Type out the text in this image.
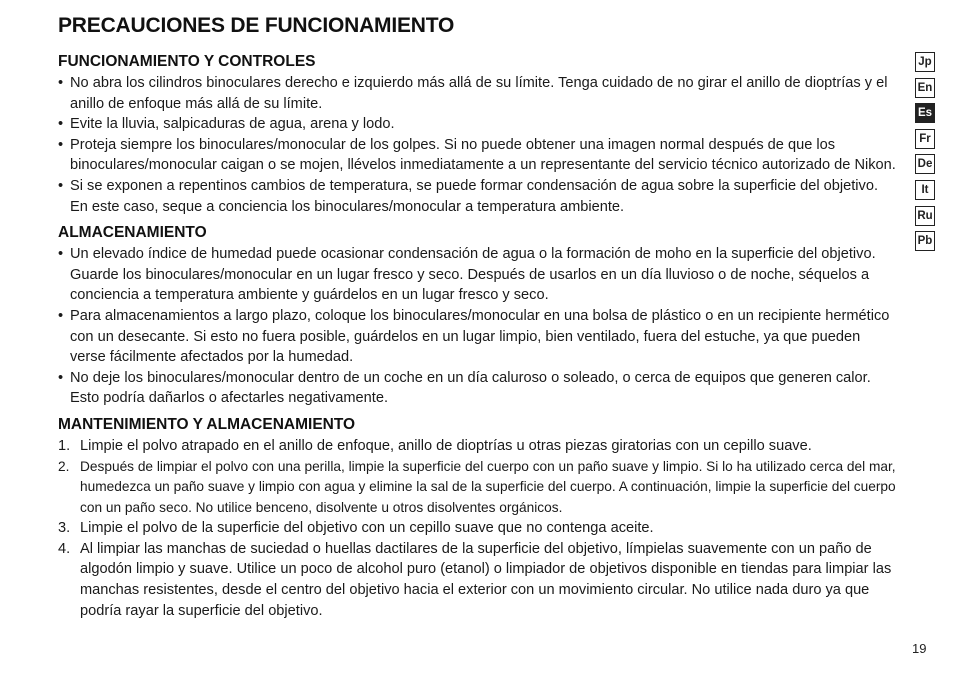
PRECAUCIONES DE FUNCIONAMIENTO
FUNCIONAMIENTO Y CONTROLES
• No abra los cilindros binoculares derecho e izquierdo más allá de su límite. Tenga cuidado de no girar el anillo de dioptrías y el anillo de enfoque más allá de su límite.
• Evite la lluvia, salpicaduras de agua, arena y lodo.
• Proteja siempre los binoculares/monocular de los golpes. Si no puede obtener una imagen normal después de que los binoculares/monocular caigan o se mojen, llévelos inmediatamente a un representante del servicio técnico autorizado de Nikon.
• Si se exponen a repentinos cambios de temperatura, se puede formar condensación de agua sobre la superficie del objetivo. En este caso, seque a conciencia los binoculares/monocular a temperatura ambiente.
ALMACENAMIENTO
• Un elevado índice de humedad puede ocasionar condensación de agua o la formación de moho en la superficie del objetivo. Guarde los binoculares/monocular en un lugar fresco y seco. Después de usarlos en un día lluvioso o de noche, séquelos a conciencia a temperatura ambiente y guárdelos en un lugar fresco y seco.
• Para almacenamientos a largo plazo, coloque los binoculares/monocular en una bolsa de plástico o en un recipiente hermético con un desecante. Si esto no fuera posible, guárdelos en un lugar limpio, bien ventilado, fuera del estuche, ya que pueden verse fácilmente afectados por la humedad.
• No deje los binoculares/monocular dentro de un coche en un día caluroso o soleado, o cerca de equipos que generen calor. Esto podría dañarlos o afectarles negativamente.
MANTENIMIENTO Y ALMACENAMIENTO
1. Limpie el polvo atrapado en el anillo de enfoque, anillo de dioptrías u otras piezas giratorias con un cepillo suave.
2. Después de limpiar el polvo con una perilla, limpie la superficie del cuerpo con un paño suave y limpio. Si lo ha utilizado cerca del mar, humedezca un paño suave y limpio con agua y elimine la sal de la superficie del cuerpo. A continuación, limpie la superficie del cuerpo con un paño seco. No utilice benceno, disolvente u otros disolventes orgánicos.
3. Limpie el polvo de la superficie del objetivo con un cepillo suave que no contenga aceite.
4. Al limpiar las manchas de suciedad o huellas dactilares de la superficie del objetivo, límpielas suavemente con un paño de algodón limpio y suave. Utilice un poco de alcohol puro (etanol) o limpiador de objetivos disponible en tiendas para limpiar las manchas resistentes, desde el centro del objetivo hacia el exterior con un movimiento circular. No utilice nada duro ya que podría rayar la superficie del objetivo.
Jp
En
Es
Fr
De
It
Ru
Pb
19
